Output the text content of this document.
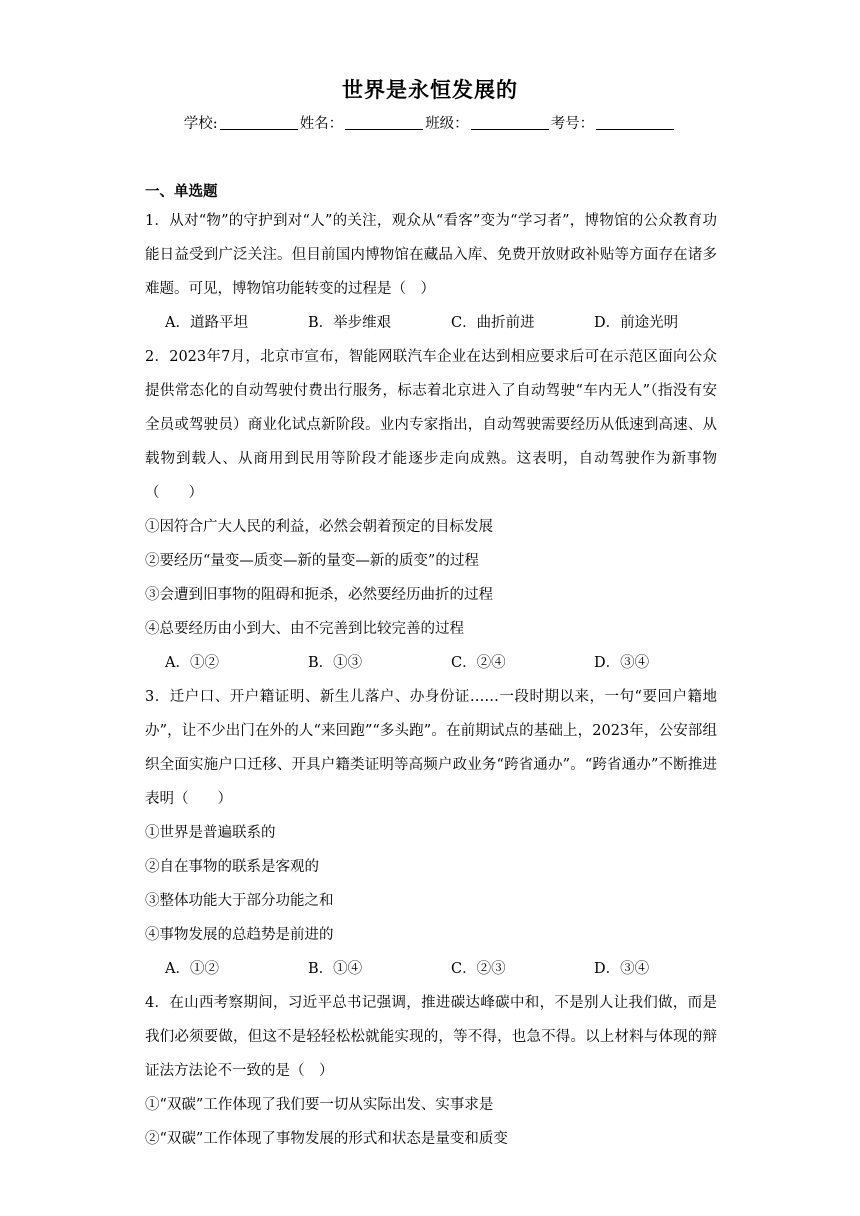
世界是永恒发展的
学校:	姓名：	班级：	考号：
一、单选题

1．从对“物”的守护到对“人”的关注，观众从“看客”变为“学习者”，博物馆的公众教育功能日益受到广泛关注。但目前国内博物馆在藏品入库、免费开放财政补贴等方面存在诸多难题。可见，博物馆功能转变的过程是（　）

A．道路平坦	B．举步维艰	C．曲折前进	D．前途光明

2．2023年7月，北京市宣布，智能网联汽车企业在达到相应要求后可在示范区面向公众提供常态化的自动驾驶付费出行服务，标志着北京进入了自动驾驶“车内无人”（指没有安全员或驾驶员）商业化试点新阶段。业内专家指出，自动驾驶需要经历从低速到高速、从载物到载人、从商用到民用等阶段才能逐步走向成熟。这表明，自动驾驶作为新事物（　　）

①因符合广大人民的利益，必然会朝着预定的目标发展

②要经历“量变—质变—新的量变—新的质变”的过程

③会遭到旧事物的阻碍和扼杀，必然要经历曲折的过程

④总要经历由小到大、由不完善到比较完善的过程

A．①②	B．①③	C．②④	D．③④

3．迁户口、开户籍证明、新生儿落户、办身份证……一段时期以来，一句“要回户籍地办”，让不少出门在外的人“来回跑”“多头跑”。在前期试点的基础上，2023年，公安部组织全面实施户口迁移、开具户籍类证明等高频户政业务“跨省通办”。“跨省通办”不断推进表明（　　）

①世界是普遍联系的

②自在事物的联系是客观的

③整体功能大于部分功能之和

④事物发展的总趋势是前进的

A．①②	B．①④	C．②③	D．③④

4．在山西考察期间，习近平总书记强调，推进碳达峰碳中和，不是别人让我们做，而是我们必须要做，但这不是轻轻松松就能实现的，等不得，也急不得。以上材料与体现的辩证法方法论不一致的是（　）

①“双碳”工作体现了我们要一切从实际出发、实事求是

②“双碳”工作体现了事物发展的形式和状态是量变和质变
